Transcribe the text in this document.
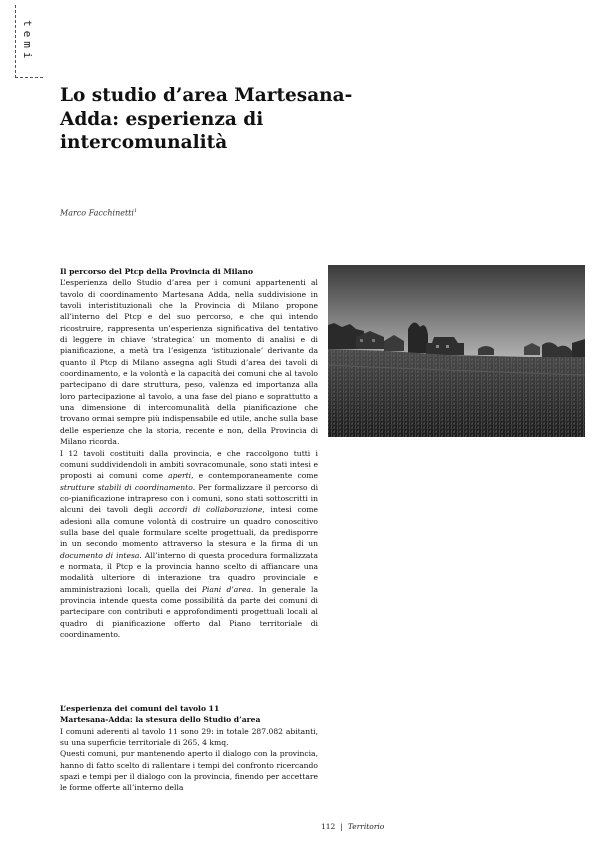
temi
Lo studio d’area Martesana-Adda: esperienza di intercomunalità
Marco Facchinetti$^1$
Il percorso del Ptcp della Provincia di Milano

L’esperienza dello Studio d’area per i comuni appartenenti al tavolo di coordinamento Martesana Adda, nella suddivisione in tavoli interistituzionali che la Provincia di Milano propone all’interno del Ptcp e del suo percorso, e che qui intendo ricostruire, rappresenta un’esperienza significativa del tentativo di leggere in chiave ‘strategica’ un momento di analisi e di pianificazione, a metà tra l’esigenza ‘istituzionale’ derivante da quanto il Ptcp di Milano assegna agli Studi d’area dei tavoli di coordinamento, e la volontà e la capacità dei comuni che al tavolo partecipano di dare struttura, peso, valenza ed importanza alla loro partecipazione al tavolo, a una fase del piano e soprattutto a una dimensione di intercomunalità della pianificazione che trovano ormai sempre più indispensabile ed utile, anche sulla base delle esperienze che la storia, recente e non, della Provincia di Milano ricorda.

I 12 tavoli costituiti dalla provincia, e che raccolgono tutti i comuni suddividendoli in ambiti sovracomunale, sono stati intesi e proposti ai comuni come aperti, e contemporaneamente come strutture stabili di coordinamento. Per formalizzare il percorso di co-pianificazione intrapreso con i comuni, sono stati sottoscritti in alcuni dei tavoli degli accordi di collaborazione, intesi come adesioni alla comune volontà di costruire un quadro conoscitivo sulla base del quale formulare scelte progettuali, da predisporre in un secondo momento attraverso la stesura e la firma di un documento di intesa. All’interno di questa procedura formalizzata e normata, il Ptcp e la provincia hanno scelto di affiancare una modalità ulteriore di interazione tra quadro provinciale e amministrazioni locali, quella dei Piani d’area. In generale la provincia intende questa come possibilità da parte dei comuni di partecipare con contributi e approfondimenti progettuali locali al quadro di pianificazione offerto dal Piano territoriale di coordinamento.

L’esperienza dei comuni del tavolo 11
Martesana-Adda: la stesura dello Studio d’area

I comuni aderenti al tavolo 11 sono 29: in totale 287.082 abitanti, su una superficie territoriale di 265, 4 kmq.

Questi comuni, pur mantenendo aperto il dialogo con la provincia, hanno di fatto scelto di rallentare i tempi del confronto ricercando spazi e tempi per il dialogo con la provincia, finendo per accettare le forme offerte all’interno della

112 | Territorio
